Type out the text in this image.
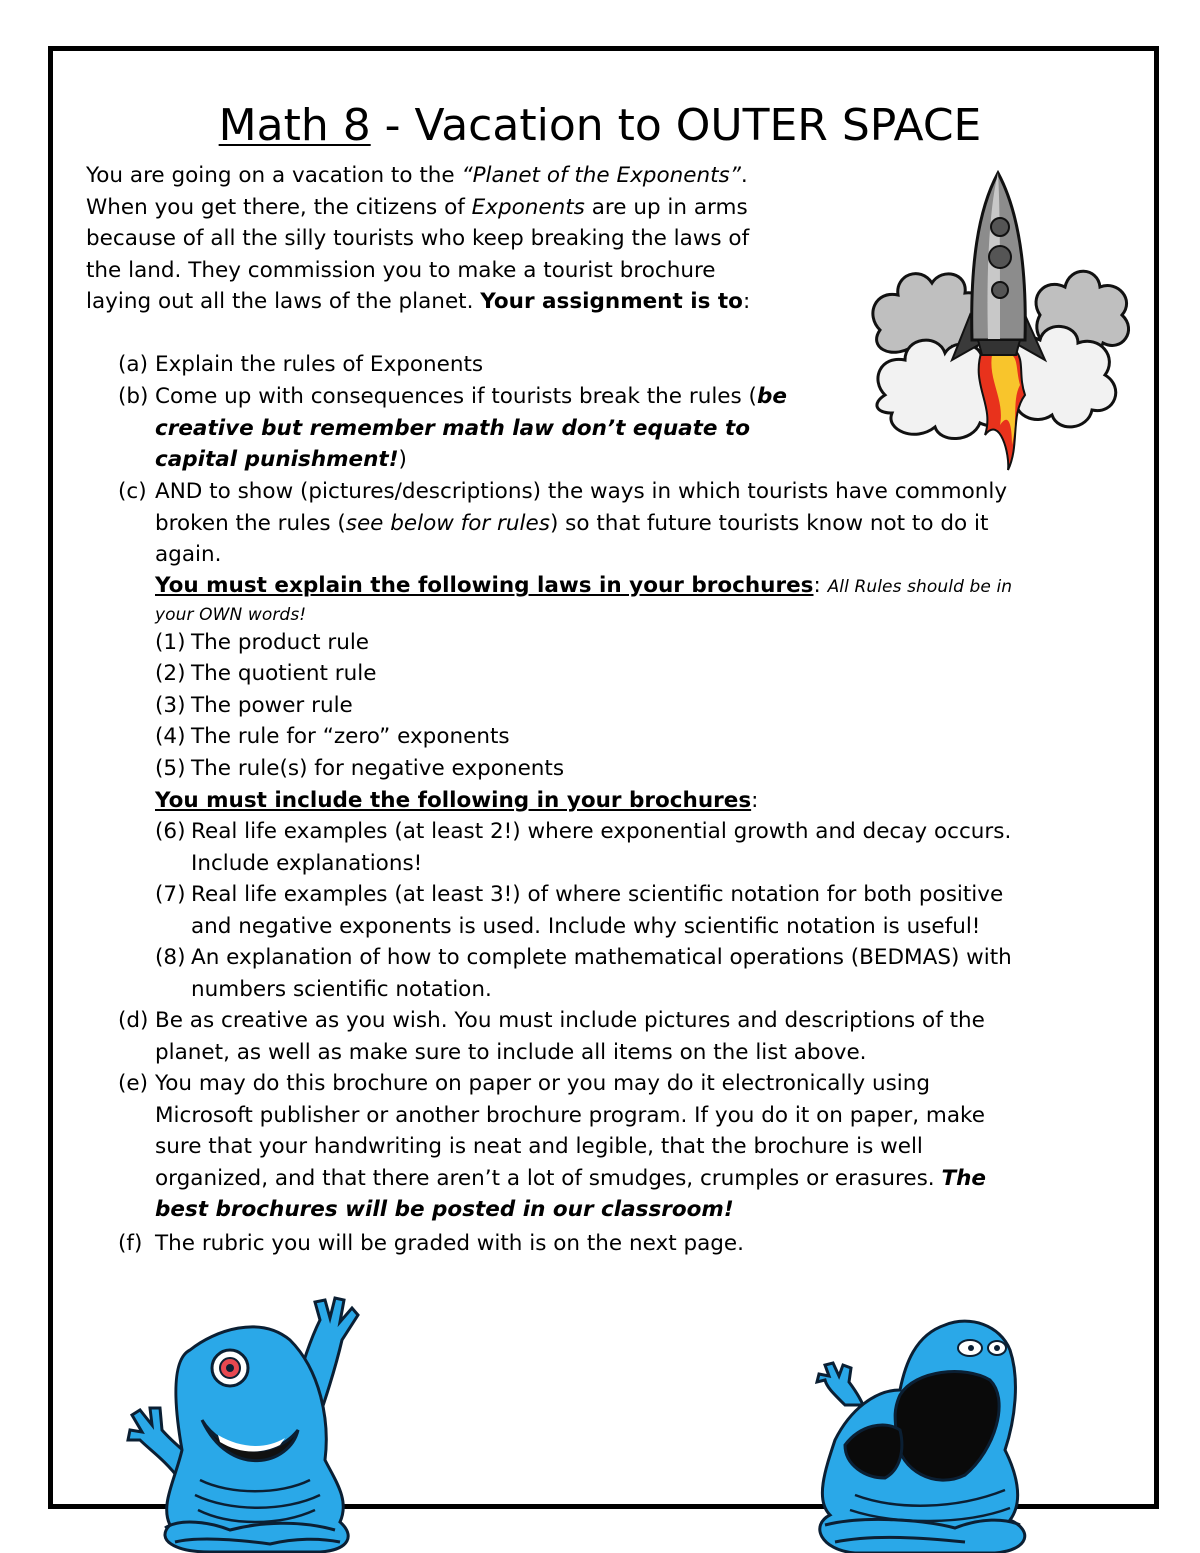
Math 8 - Vacation to OUTER SPACE
You are going on a vacation to the “Planet of the Exponents”.
When you get there, the citizens of Exponents are up in arms
because of all the silly tourists who keep breaking the laws of
the land. They commission you to make a tourist brochure
laying out all the laws of the planet. Your assignment is to:
(a) Explain the rules of Exponents
(b) Come up with consequences if tourists break the rules (be
creative but remember math law don’t equate to
capital punishment!)
(c) AND to show (pictures/descriptions) the ways in which tourists have commonly
broken the rules (see below for rules) so that future tourists know not to do it
again.
You must explain the following laws in your brochures: All Rules should be in
your OWN words!
(1) The product rule
(2) The quotient rule
(3) The power rule
(4) The rule for “zero” exponents
(5) The rule(s) for negative exponents
You must include the following in your brochures:
(6) Real life examples (at least 2!) where exponential growth and decay occurs.
Include explanations!
(7) Real life examples (at least 3!) of where scientific notation for both positive
and negative exponents is used. Include why scientific notation is useful!
(8) An explanation of how to complete mathematical operations (BEDMAS) with
numbers scientific notation.
(d) Be as creative as you wish. You must include pictures and descriptions of the
planet, as well as make sure to include all items on the list above.
(e) You may do this brochure on paper or you may do it electronically using
Microsoft publisher or another brochure program. If you do it on paper, make
sure that your handwriting is neat and legible, that the brochure is well
organized, and that there aren’t a lot of smudges, crumples or erasures. The
best brochures will be posted in our classroom!
(f) The rubric you will be graded with is on the next page.
